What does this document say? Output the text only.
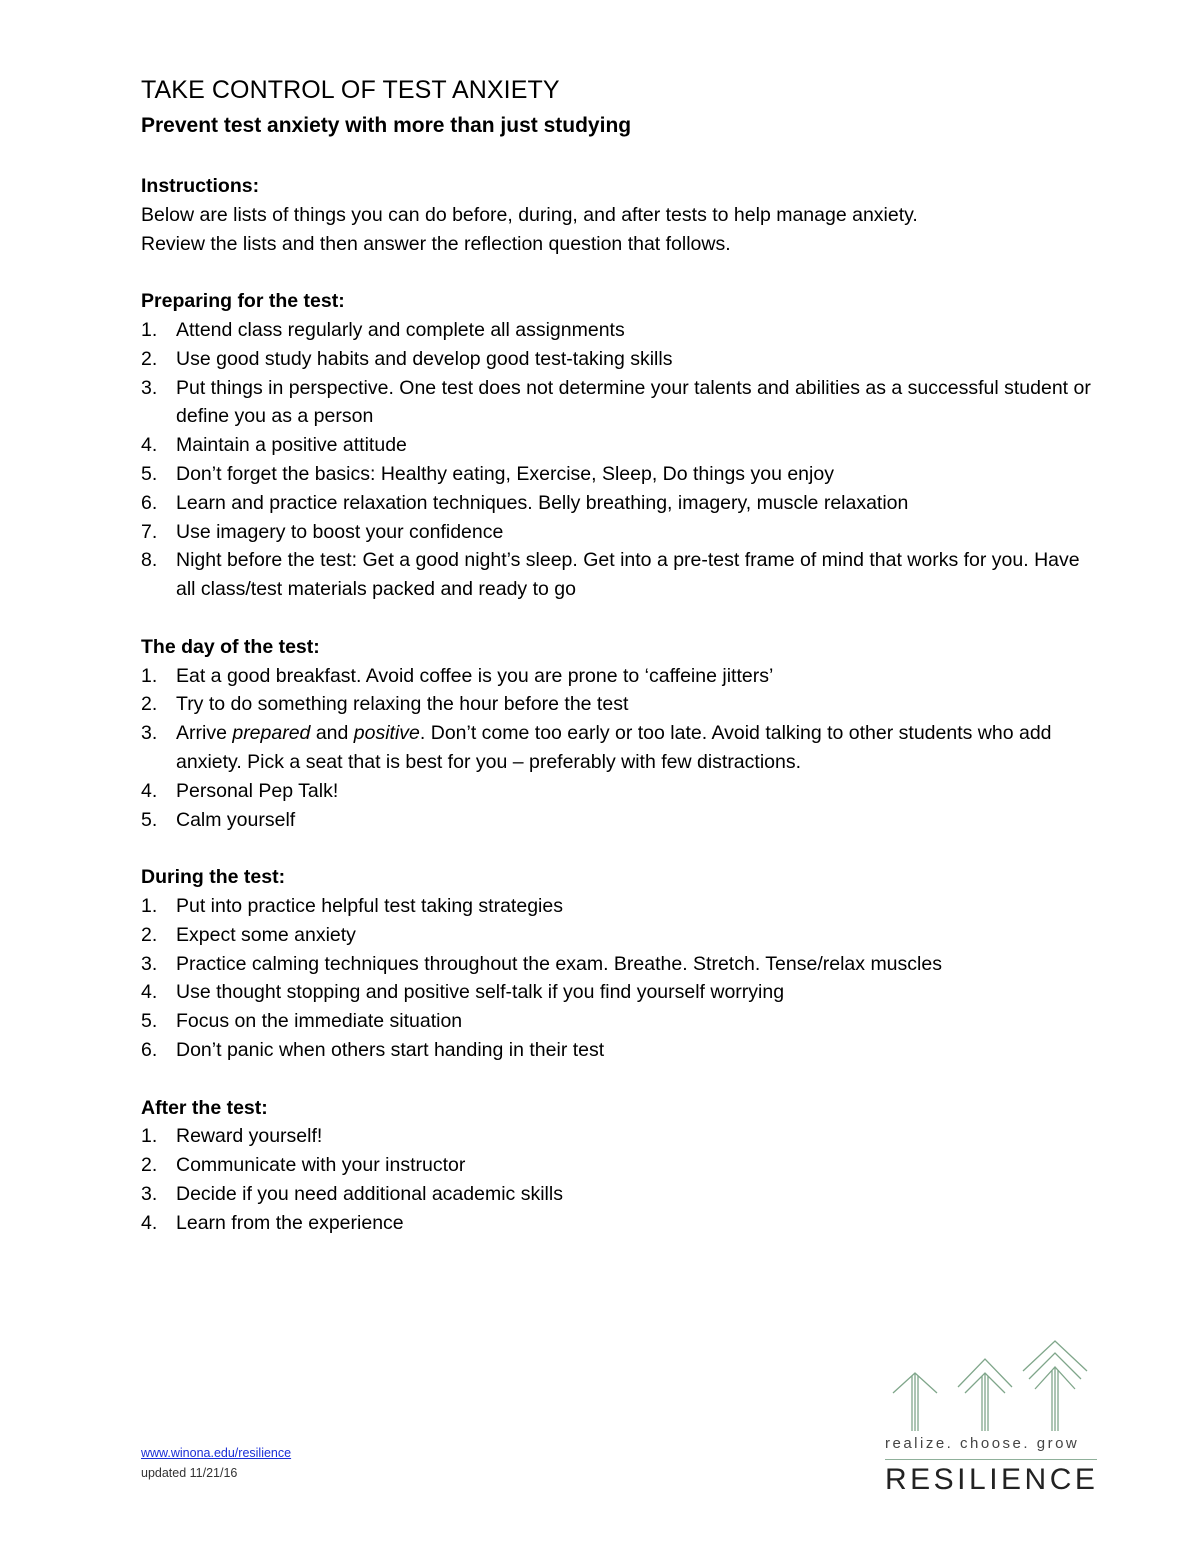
TAKE CONTROL OF TEST ANXIETY
Prevent test anxiety with more than just studying

Instructions:

Below are lists of things you can do before, during, and after tests to help manage anxiety.

Review the lists and then answer the reflection question that follows.

Preparing for the test:

1. Attend class regularly and complete all assignments
2. Use good study habits and develop good test-taking skills
3. Put things in perspective. One test does not determine your talents and abilities as a successful student or define you as a person
4. Maintain a positive attitude
5. Don’t forget the basics: Healthy eating, Exercise, Sleep, Do things you enjoy
6. Learn and practice relaxation techniques. Belly breathing, imagery, muscle relaxation
7. Use imagery to boost your confidence
8. Night before the test: Get a good night’s sleep. Get into a pre-test frame of mind that works for you. Have all class/test materials packed and ready to go

The day of the test:

1. Eat a good breakfast. Avoid coffee is you are prone to ‘caffeine jitters’
2. Try to do something relaxing the hour before the test
3. Arrive prepared and positive. Don’t come too early or too late. Avoid talking to other students who add anxiety. Pick a seat that is best for you – preferably with few distractions.
4. Personal Pep Talk!
5. Calm yourself

During the test:

1. Put into practice helpful test taking strategies
2. Expect some anxiety
3. Practice calming techniques throughout the exam. Breathe. Stretch. Tense/relax muscles
4. Use thought stopping and positive self-talk if you find yourself worrying
5. Focus on the immediate situation
6. Don’t panic when others start handing in their test

After the test:

1. Reward yourself!
2. Communicate with your instructor
3. Decide if you need additional academic skills
4. Learn from the experience
www.winona.edu/resilience
updated 11/21/16
realize. choose. grow
RESILIENCE
